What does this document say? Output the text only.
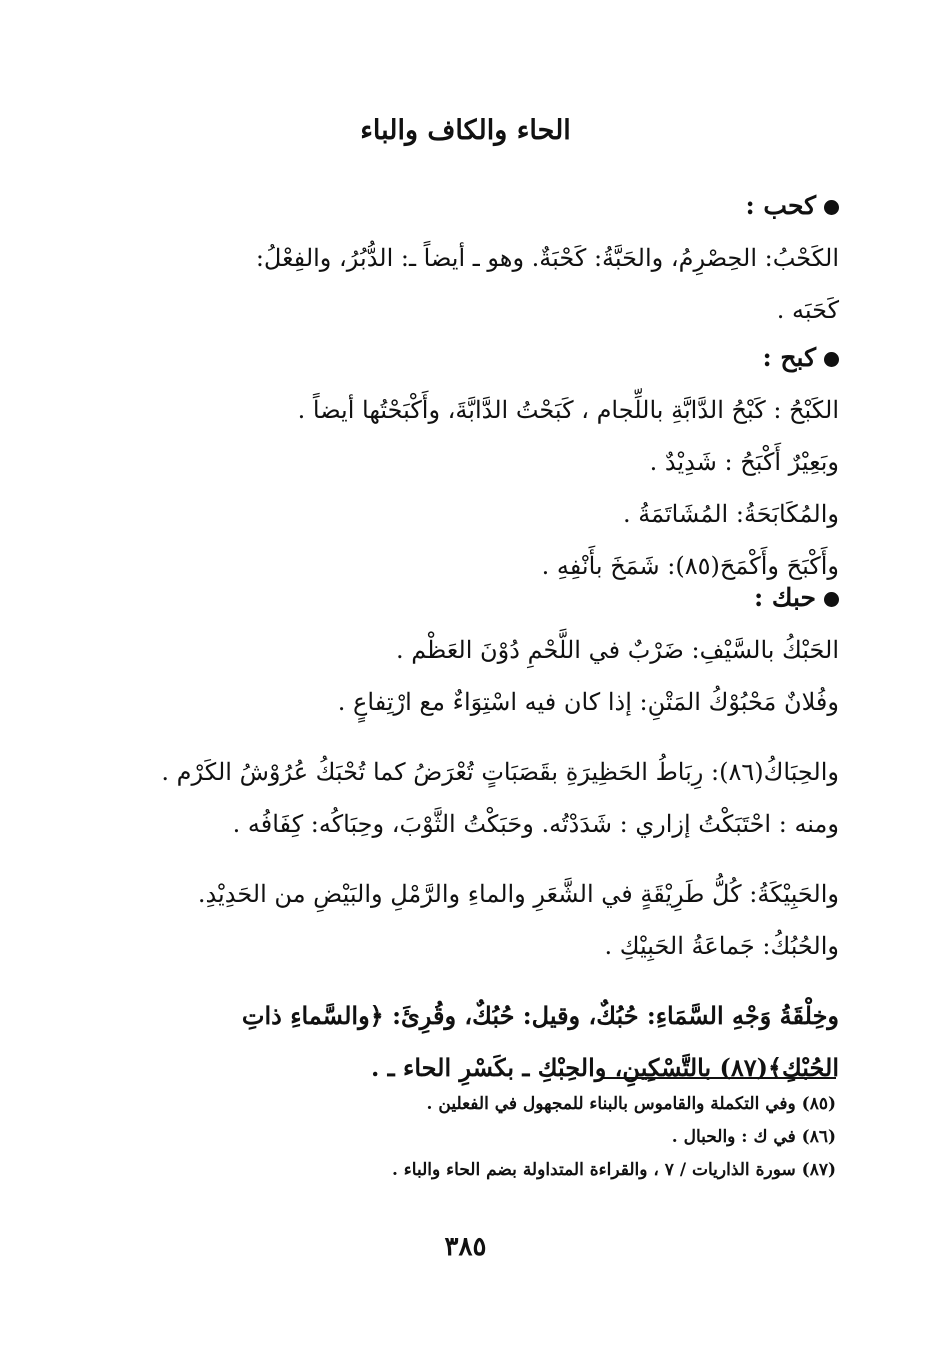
الحاء والكاف والباء
كحب :
الكَحْبُ: الحِصْرِمُ، والحَبَّةُ: كَحْبَةٌ. وهو ـ أيضاً ـ: الدُّبُرُ، والفِعْلُ:
كَحَبَه .
كبح :
الكَبْحُ : كَبْحُ الدَّابَّةِ باللِّجام ، كَبَحْتُ الدَّابَّةَ، وأَكْبَحْتُها أيضاً .
وبَعِيْرٌ أَكْبَحُ : شَدِيْدٌ .
والمُكَابَحَةُ: المُشَاتَمَةُ .
وأَكْبَحَ وأَكْمَحَ(٨٥): شَمَخَ بأَنْفِهِ .
حبك :
الحَبْكُ بالسَّيْفِ: ضَرْبٌ في اللَّحْمِ دُوْنَ العَظْم .
وفُلانٌ مَحْبُوْكُ المَتْنِ: إذا كان فيه اسْتِوَاءٌ مع ارْتِفاعٍ .
والحِبَاكُ(٨٦): رِبَاطُ الحَظِيرَةِ بقَصَبَاتٍ تُعْرَضُ كما تُحْبَكُ عُرُوْشُ الكَرْم .
ومنه : احْتَبَكْتُ إزاري : شَدَدْتُه. وحَبَكْتُ الثَّوْبَ، وحِبَاكُه: كِفَافُه .
والحَبِيْكَةُ: كُلُّ طَرِيْقَةٍ في الشَّعَرِ والماءِ والرَّمْلِ والبَيْضِ من الحَدِيْدِ.
والحُبُكُ: جَماعَةُ الحَبِيْكِ .
وخِلْقَةُ وَجْهِ السَّمَاءِ: حُبُكٌ، وقيل: حُبُكٌ، وقُرِئَ: ﴿والسَّماءِ ذاتِ
الحُبْكِ﴾(٨٧) بالتَّسْكِينِ، والحِبْكِ ـ بكَسْرِ الحاء ـ .
(٨٥) وفي التكملة والقاموس بالبناء للمجهول في الفعلين .
(٨٦) في ك : والحبال .
(٨٧) سورة الذاريات / ٧ ، والقراءة المتداولة بضم الحاء والباء .
٣٨٥
